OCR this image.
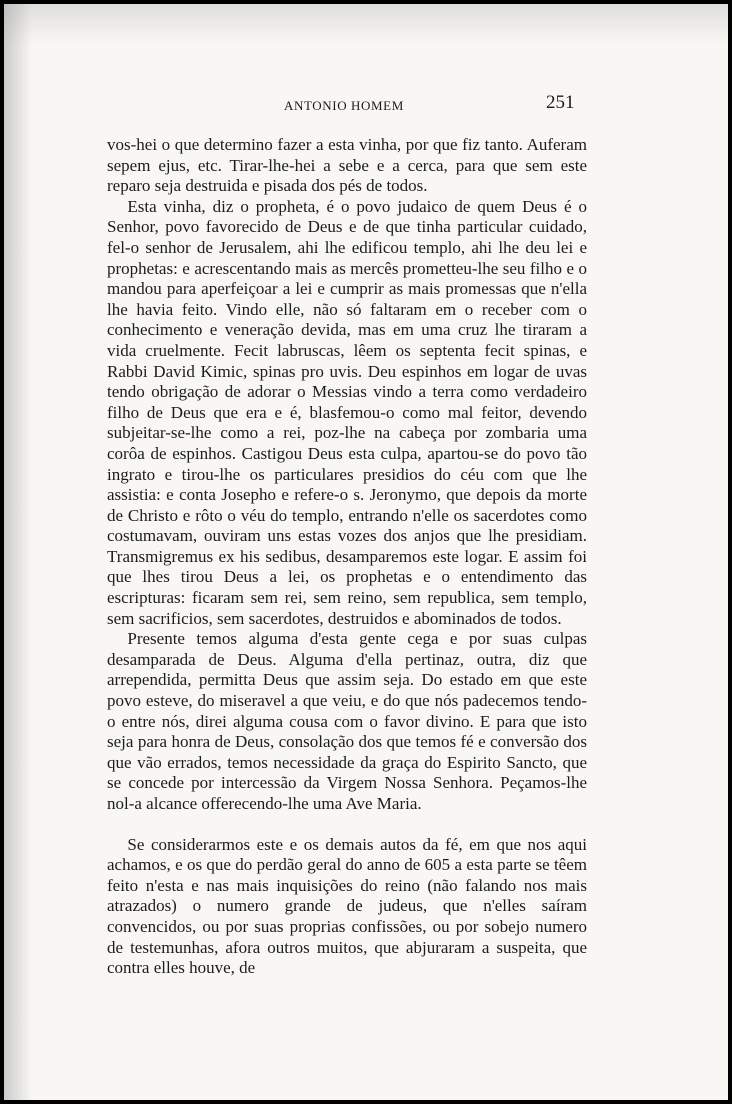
ANTONIO HOMEM	251

vos-hei o que determino fazer a esta vinha, por que fiz tanto. Auferam sepem ejus, etc. Tirar-lhe-hei a sebe e a cerca, para que sem este reparo seja destruida e pisada dos pés de todos.

Esta vinha, diz o propheta, é o povo judaico de quem Deus é o Senhor, povo favorecido de Deus e de que tinha particular cuidado, fel-o senhor de Jerusalem, ahi lhe edificou templo, ahi lhe deu lei e prophetas: e acrescentando mais as mercês prometteu-lhe seu filho e o mandou para aperfeiçoar a lei e cumprir as mais promessas que n'ella lhe havia feito. Vindo elle, não só faltaram em o receber com o conhecimento e veneração devida, mas em uma cruz lhe tiraram a vida cruelmente. Fecit labruscas, lêem os septenta fecit spinas, e Rabbi David Kimic, spinas pro uvis. Deu espinhos em logar de uvas tendo obrigação de adorar o Messias vindo a terra como verdadeiro filho de Deus que era e é, blasfemou-o como mal feitor, devendo subjeitar-se-lhe como a rei, poz-lhe na cabeça por zombaria uma corôa de espinhos. Castigou Deus esta culpa, apartou-se do povo tão ingrato e tirou-lhe os particulares presidios do céu com que lhe assistia: e conta Josepho e refere-o s. Jeronymo, que depois da morte de Christo e rôto o véu do templo, entrando n'elle os sacerdotes como costumavam, ouviram uns estas vozes dos anjos que lhe presidiam. Transmigremus ex his sedibus, desamparemos este logar. E assim foi que lhes tirou Deus a lei, os prophetas e o entendimento das escripturas: ficaram sem rei, sem reino, sem republica, sem templo, sem sacrificios, sem sacerdotes, destruidos e abominados de todos.

Presente temos alguma d'esta gente cega e por suas culpas desamparada de Deus. Alguma d'ella pertinaz, outra, diz que arrependida, permitta Deus que assim seja. Do estado em que este povo esteve, do miseravel a que veiu, e do que nós padecemos tendo-o entre nós, direi alguma cousa com o favor divino. E para que isto seja para honra de Deus, consolação dos que temos fé e conversão dos que vão errados, temos necessidade da graça do Espirito Sancto, que se concede por intercessão da Virgem Nossa Senhora. Peçamos-lhe nol-a alcance offerecendo-lhe uma Ave Maria.

Se considerarmos este e os demais autos da fé, em que nos aqui achamos, e os que do perdão geral do anno de 605 a esta parte se têem feito n'esta e nas mais inquisições do reino (não falando nos mais atrazados) o numero grande de judeus, que n'elles saíram convencidos, ou por suas proprias confissões, ou por sobejo numero de testemunhas, afora outros muitos, que abjuraram a suspeita, que contra elles houve, de
